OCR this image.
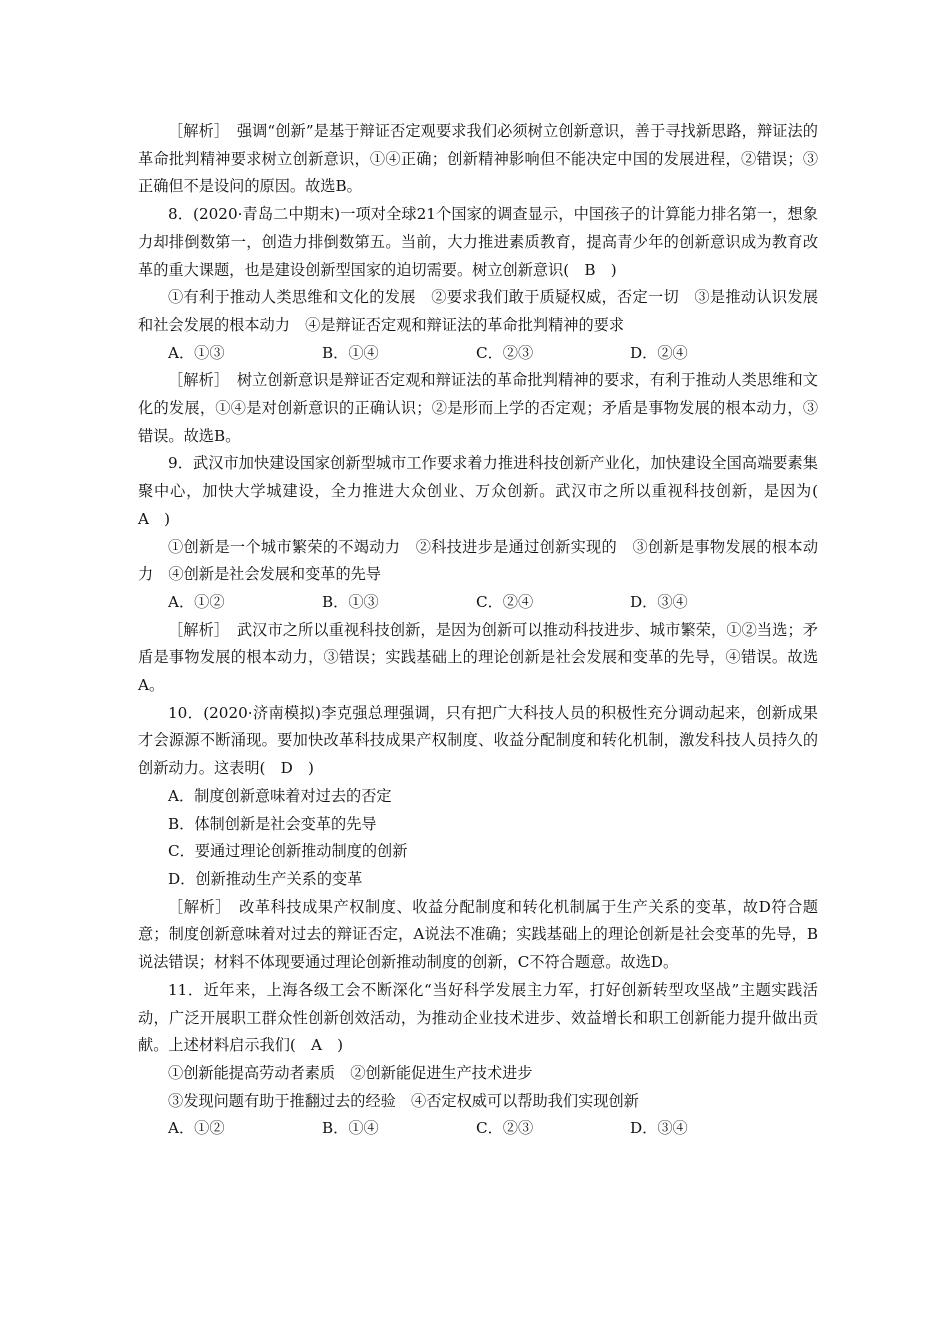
［解析］　强调“创新”是基于辩证否定观要求我们必须树立创新意识，善于寻找新思路，辩证法的革命批判精神要求树立创新意识，①④正确；创新精神影响但不能决定中国的发展进程，②错误；③正确但不是设问的原因。故选B。

8．(2020·青岛二中期末)一项对全球21个国家的调查显示，中国孩子的计算能力排名第一，想象力却排倒数第一，创造力排倒数第五。当前，大力推进素质教育，提高青少年的创新意识成为教育改革的重大课题，也是建设创新型国家的迫切需要。树立创新意识(　B　)

①有利于推动人类思维和文化的发展　②要求我们敢于质疑权威，否定一切　③是推动认识发展和社会发展的根本动力　④是辩证否定观和辩证法的革命批判精神的要求

A．①③	B．①④	C．②③	D．②④

［解析］　树立创新意识是辩证否定观和辩证法的革命批判精神的要求，有利于推动人类思维和文化的发展，①④是对创新意识的正确认识；②是形而上学的否定观；矛盾是事物发展的根本动力，③错误。故选B。

9．武汉市加快建设国家创新型城市工作要求着力推进科技创新产业化，加快建设全国高端要素集聚中心，加快大学城建设，全力推进大众创业、万众创新。武汉市之所以重视科技创新，是因为(　A　)

①创新是一个城市繁荣的不竭动力　②科技进步是通过创新实现的　③创新是事物发展的根本动力　④创新是社会发展和变革的先导

A．①②	B．①③	C．②④	D．③④

［解析］　武汉市之所以重视科技创新，是因为创新可以推动科技进步、城市繁荣，①②当选；矛盾是事物发展的根本动力，③错误；实践基础上的理论创新是社会发展和变革的先导，④错误。故选A。

10．(2020·济南模拟)李克强总理强调，只有把广大科技人员的积极性充分调动起来，创新成果才会源源不断涌现。要加快改革科技成果产权制度、收益分配制度和转化机制，激发科技人员持久的创新动力。这表明(　D　)

A．制度创新意味着对过去的否定

B．体制创新是社会变革的先导

C．要通过理论创新推动制度的创新

D．创新推动生产关系的变革

［解析］　改革科技成果产权制度、收益分配制度和转化机制属于生产关系的变革，故D符合题意；制度创新意味着对过去的辩证否定，A说法不准确；实践基础上的理论创新是社会变革的先导，B说法错误；材料不体现要通过理论创新推动制度的创新，C不符合题意。故选D。

11．近年来，上海各级工会不断深化“当好科学发展主力军，打好创新转型攻坚战”主题实践活动，广泛开展职工群众性创新创效活动，为推动企业技术进步、效益增长和职工创新能力提升做出贡献。上述材料启示我们(　A　)

①创新能提高劳动者素质　②创新能促进生产技术进步

③发现问题有助于推翻过去的经验　④否定权威可以帮助我们实现创新

A．①②	B．①④	C．②③	D．③④
